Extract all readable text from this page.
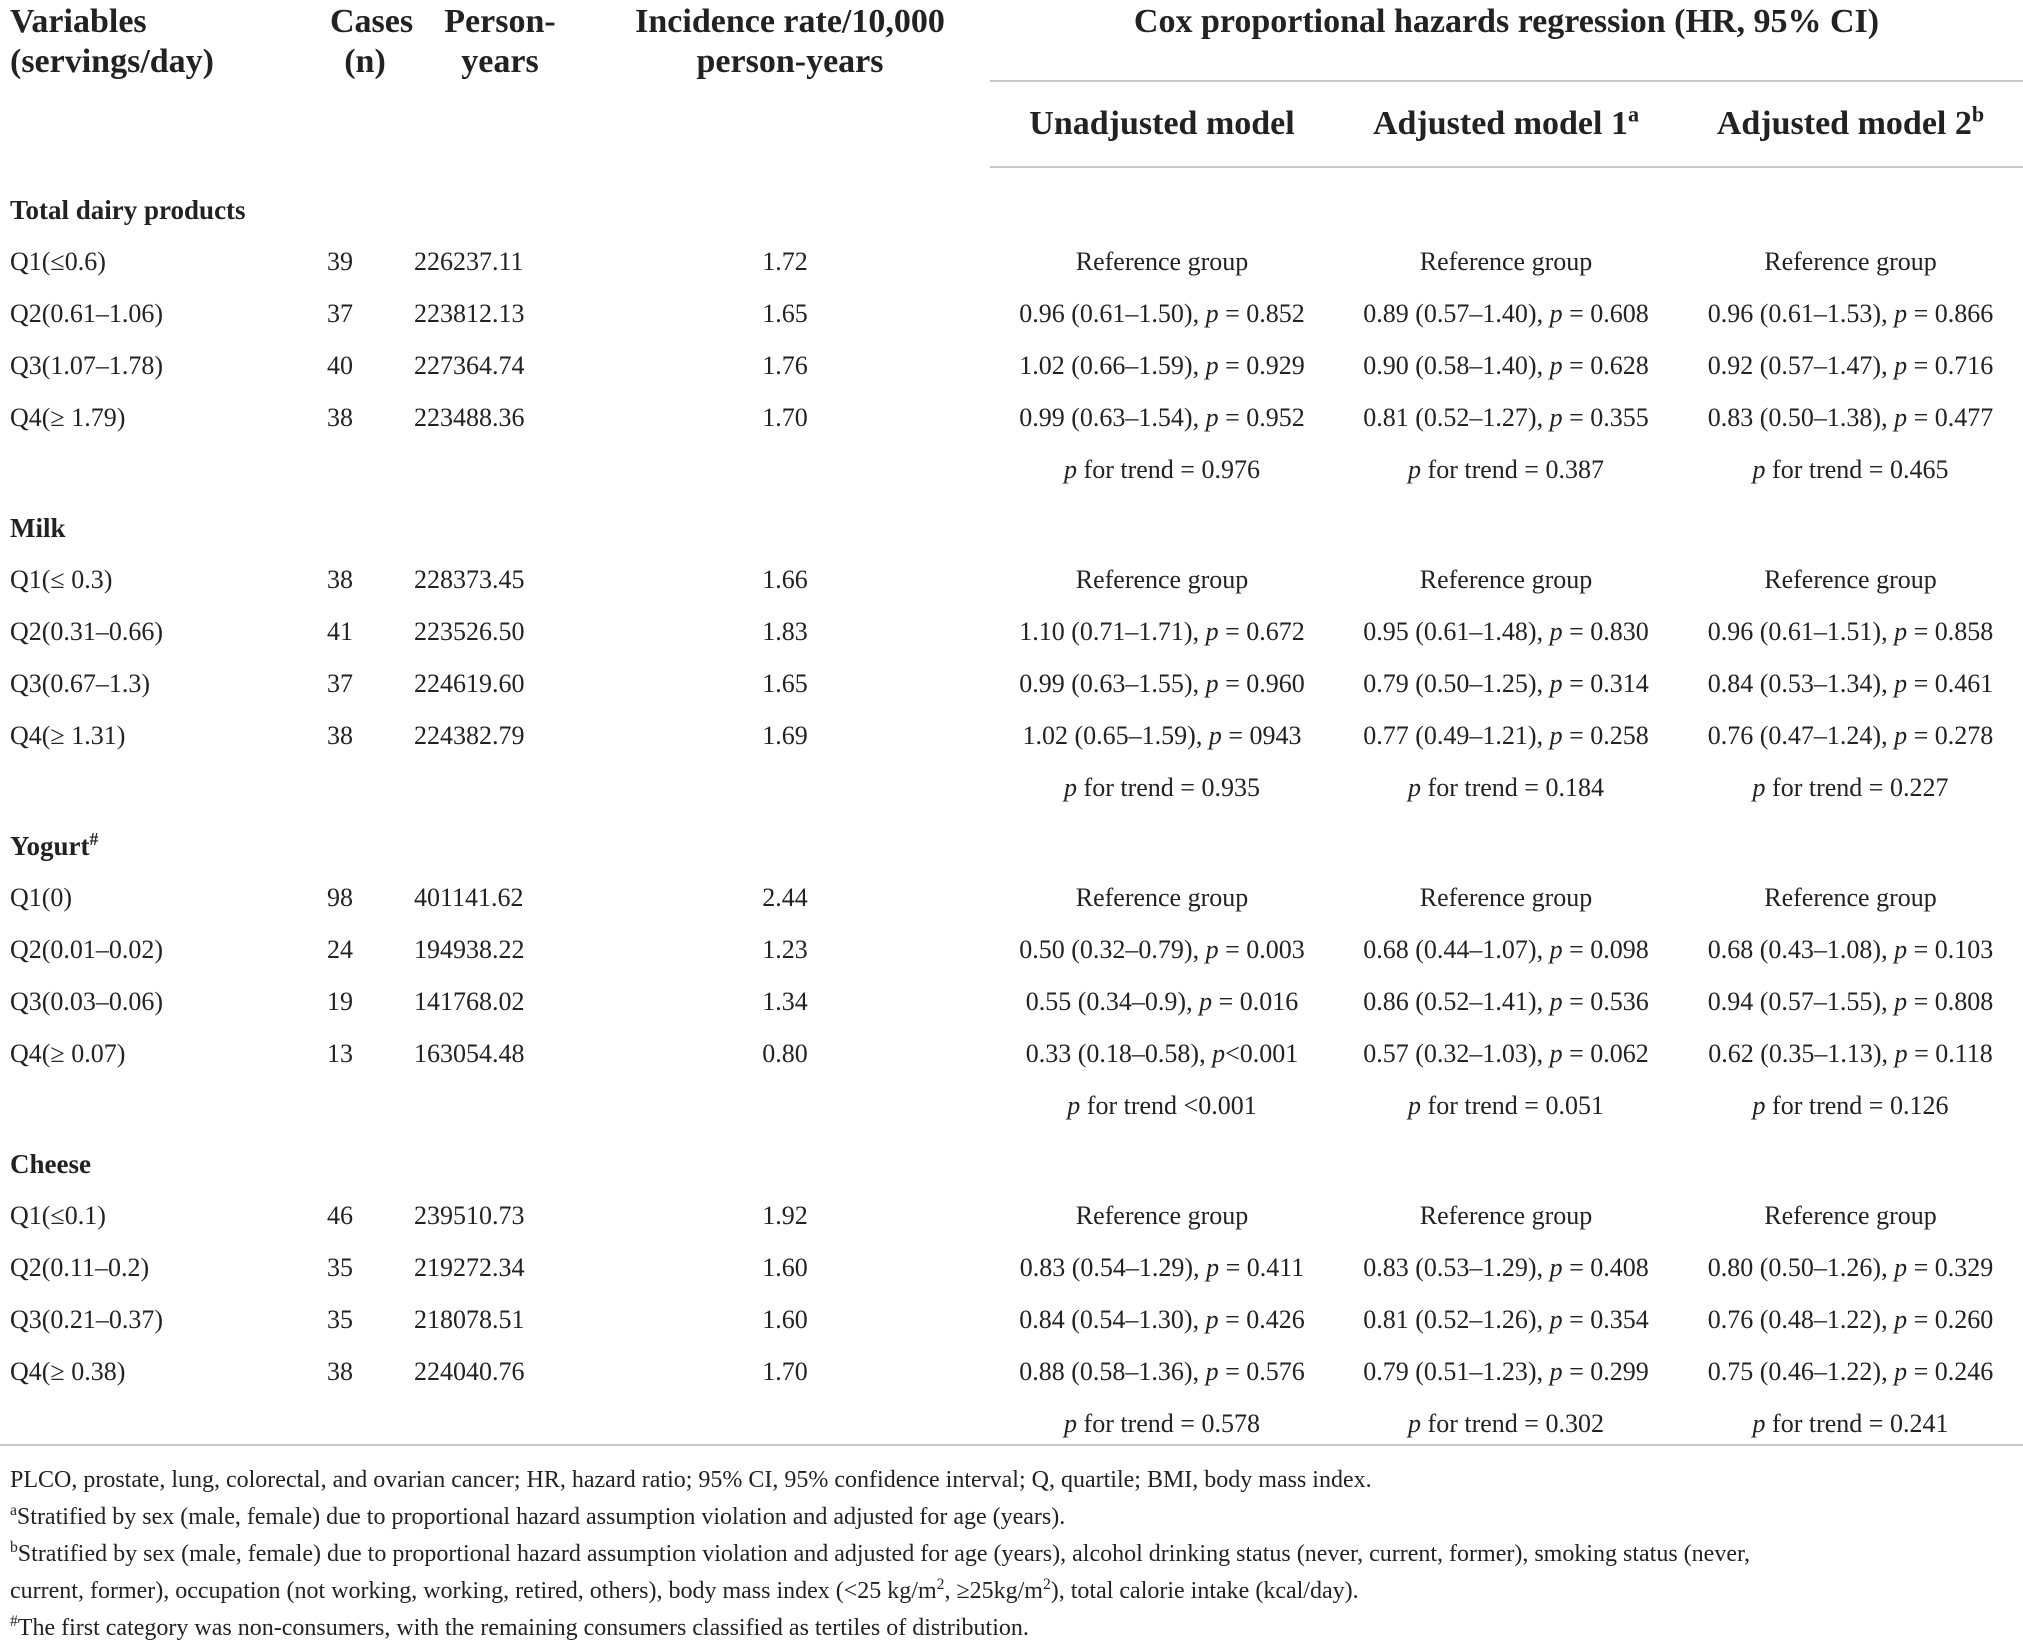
Variables (servings/day)	Cases (n)	Person-years	Incidence rate/10,000 person-years	Cox proportional hazards regression (HR, 95% CI)		
				Unadjusted model	Adjusted model 1$^a$	Adjusted model 2$^b$
Total dairy products						
Q1(≤0.6)	39	226237.11	1.72	Reference group	Reference group	Reference group
Q2(0.61–1.06)	37	223812.13	1.65	0.96 (0.61–1.50), p = 0.852	0.89 (0.57–1.40), p = 0.608	0.96 (0.61–1.53), p = 0.866
Q3(1.07–1.78)	40	227364.74	1.76	1.02 (0.66–1.59), p = 0.929	0.90 (0.58–1.40), p = 0.628	0.92 (0.57–1.47), p = 0.716
Q4(≥ 1.79)	38	223488.36	1.70	0.99 (0.63–1.54), p = 0.952	0.81 (0.52–1.27), p = 0.355	0.83 (0.50–1.38), p = 0.477
				p for trend = 0.976	p for trend = 0.387	p for trend = 0.465
Milk						
Q1(≤ 0.3)	38	228373.45	1.66	Reference group	Reference group	Reference group
Q2(0.31–0.66)	41	223526.50	1.83	1.10 (0.71–1.71), p = 0.672	0.95 (0.61–1.48), p = 0.830	0.96 (0.61–1.51), p = 0.858
Q3(0.67–1.3)	37	224619.60	1.65	0.99 (0.63–1.55), p = 0.960	0.79 (0.50–1.25), p = 0.314	0.84 (0.53–1.34), p = 0.461
Q4(≥ 1.31)	38	224382.79	1.69	1.02 (0.65–1.59), p = 0943	0.77 (0.49–1.21), p = 0.258	0.76 (0.47–1.24), p = 0.278
				p for trend = 0.935	p for trend = 0.184	p for trend = 0.227
Yogurt#
Q1(0)	98	401141.62	2.44	Reference group	Reference group	Reference group
Q2(0.01–0.02)	24	194938.22	1.23	0.50 (0.32–0.79), p = 0.003	0.68 (0.44–1.07), p = 0.098	0.68 (0.43–1.08), p = 0.103
Q3(0.03–0.06)	19	141768.02	1.34	0.55 (0.34–0.9), p = 0.016	0.86 (0.52–1.41), p = 0.536	0.94 (0.57–1.55), p = 0.808
Q4(≥ 0.07)	13	163054.48	0.80	0.33 (0.18–0.58), p<0.001	0.57 (0.32–1.03), p = 0.062	0.62 (0.35–1.13), p = 0.118
				p for trend <0.001	p for trend = 0.051	p for trend = 0.126
Cheese						
Q1(≤0.1)	46	239510.73	1.92	Reference group	Reference group	Reference group
Q2(0.11–0.2)	35	219272.34	1.60	0.83 (0.54–1.29), p = 0.411	0.83 (0.53–1.29), p = 0.408	0.80 (0.50–1.26), p = 0.329
Q3(0.21–0.37)	35	218078.51	1.60	0.84 (0.54–1.30), p = 0.426	0.81 (0.52–1.26), p = 0.354	0.76 (0.48–1.22), p = 0.260
Q4(≥ 0.38)	38	224040.76	1.70	0.88 (0.58–1.36), p = 0.576	0.79 (0.51–1.23), p = 0.299	0.75 (0.46–1.22), p = 0.246
				p for trend = 0.578	p for trend = 0.302	p for trend = 0.241
PLCO, prostate, lung, colorectal, and ovarian cancer; HR, hazard ratio; 95% CI, 95% confidence interval; Q, quartile; BMI, body mass index.
$^a$Stratified by sex (male, female) due to proportional hazard assumption violation and adjusted for age (years).
$^b$Stratified by sex (male, female) due to proportional hazard assumption violation and adjusted for age (years), alcohol drinking status (never, current, former), smoking status (never,
current, former), occupation (not working, working, retired, others), body mass index (<25 $kg/m^2$, $\ge 25kg/m^2$), total calorie intake (kcal/day).
#The first category was non-consumers, with the remaining consumers classified as tertiles of distribution.
